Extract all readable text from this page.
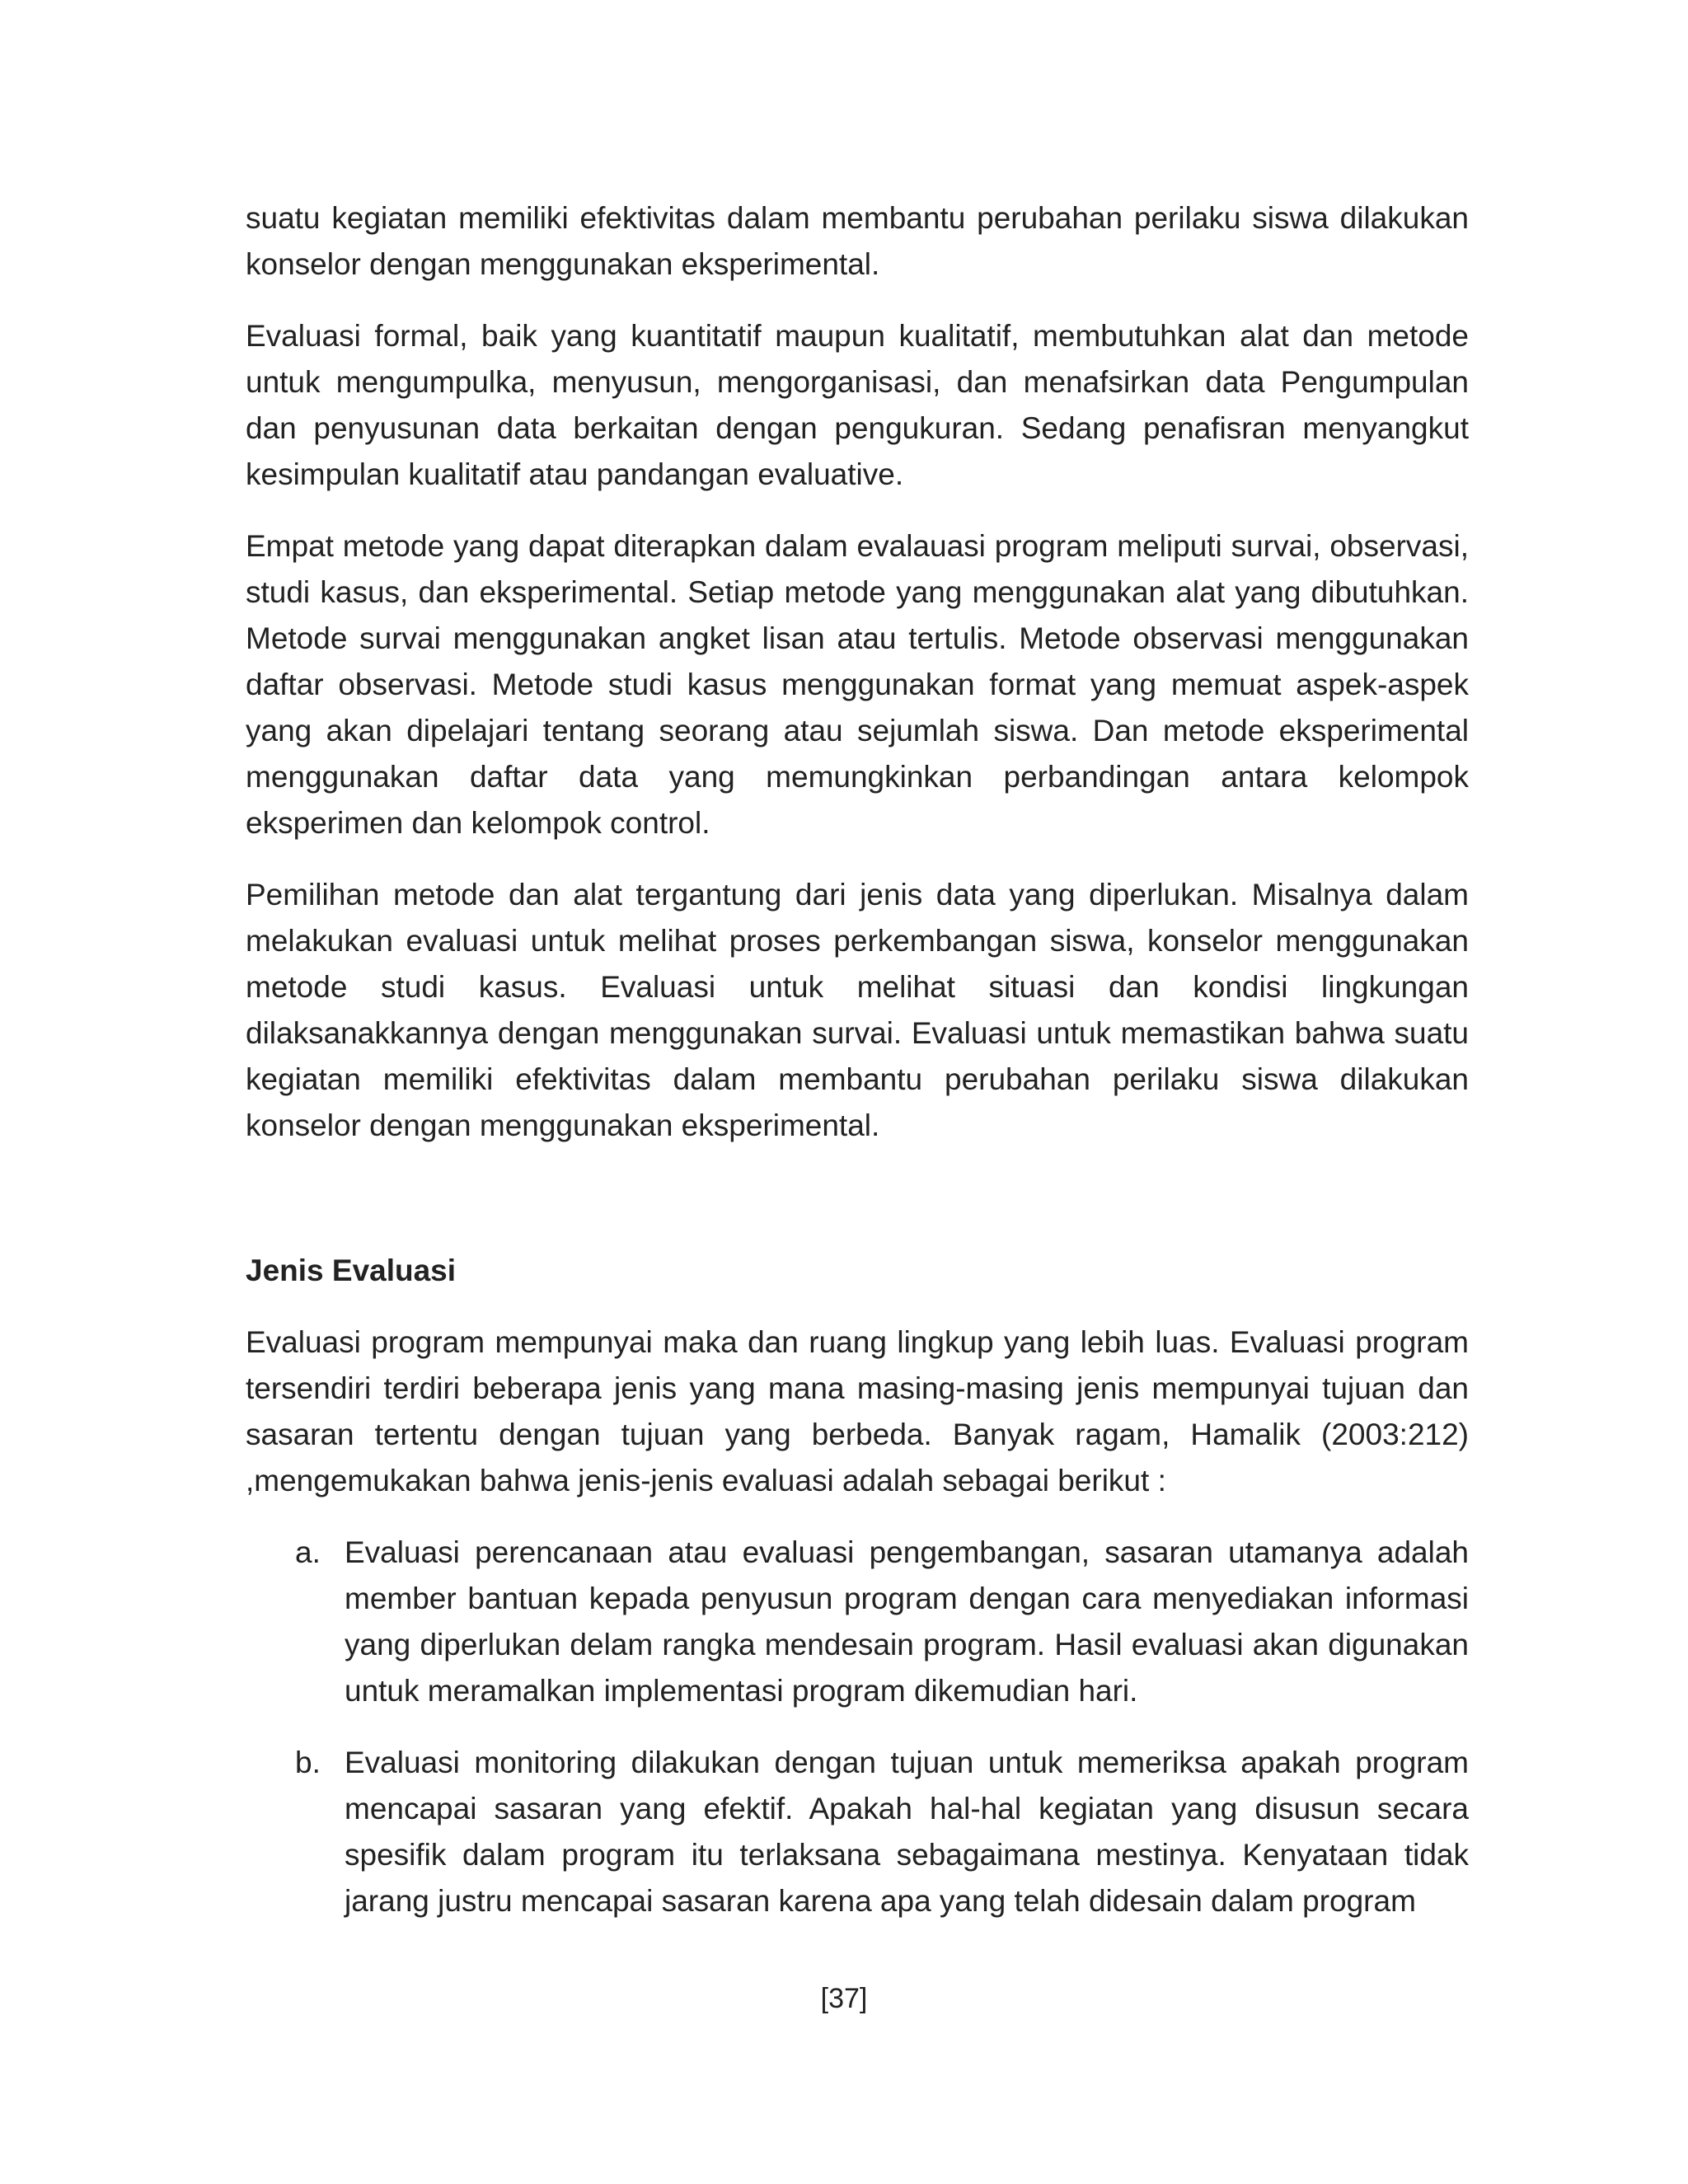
suatu kegiatan memiliki efektivitas dalam membantu perubahan perilaku siswa dilakukan konselor dengan menggunakan eksperimental.

Evaluasi formal, baik yang kuantitatif maupun kualitatif, membutuhkan alat dan metode untuk mengumpulka, menyusun, mengorganisasi, dan menafsirkan data Pengumpulan dan penyusunan data berkaitan dengan pengukuran. Sedang penafisran menyangkut kesimpulan kualitatif atau pandangan evaluative.

Empat metode yang dapat diterapkan dalam evalauasi program meliputi survai, observasi, studi kasus, dan eksperimental. Setiap metode yang menggunakan alat yang dibutuhkan. Metode survai menggunakan angket lisan atau tertulis. Metode observasi menggunakan daftar observasi. Metode studi kasus menggunakan format yang memuat aspek-aspek yang akan dipelajari tentang seorang atau sejumlah siswa. Dan metode eksperimental menggunakan daftar data yang memungkinkan perbandingan antara kelompok eksperimen dan kelompok control.

Pemilihan metode dan alat tergantung dari jenis data yang diperlukan. Misalnya dalam melakukan evaluasi untuk melihat proses perkembangan siswa, konselor menggunakan metode studi kasus. Evaluasi untuk melihat situasi dan kondisi lingkungan dilaksanakkannya dengan menggunakan survai. Evaluasi untuk memastikan bahwa suatu kegiatan memiliki efektivitas dalam membantu perubahan perilaku siswa dilakukan konselor dengan menggunakan eksperimental.

Jenis Evaluasi

Evaluasi program mempunyai maka dan ruang lingkup yang lebih luas. Evaluasi program tersendiri terdiri beberapa jenis yang mana masing-masing jenis mempunyai tujuan dan sasaran tertentu dengan tujuan yang berbeda. Banyak ragam, Hamalik (2003:212) ,mengemukakan bahwa jenis-jenis evaluasi adalah sebagai berikut :

a. Evaluasi perencanaan atau evaluasi pengembangan, sasaran utamanya adalah member bantuan kepada penyusun program dengan cara menyediakan informasi yang diperlukan delam rangka mendesain program. Hasil evaluasi akan digunakan untuk meramalkan implementasi program dikemudian hari.

b. Evaluasi monitoring dilakukan dengan tujuan untuk memeriksa apakah program mencapai sasaran yang efektif. Apakah hal-hal kegiatan yang disusun secara spesifik dalam program itu terlaksana sebagaimana mestinya. Kenyataan tidak jarang justru mencapai sasaran karena apa yang telah didesain dalam program

[37]
